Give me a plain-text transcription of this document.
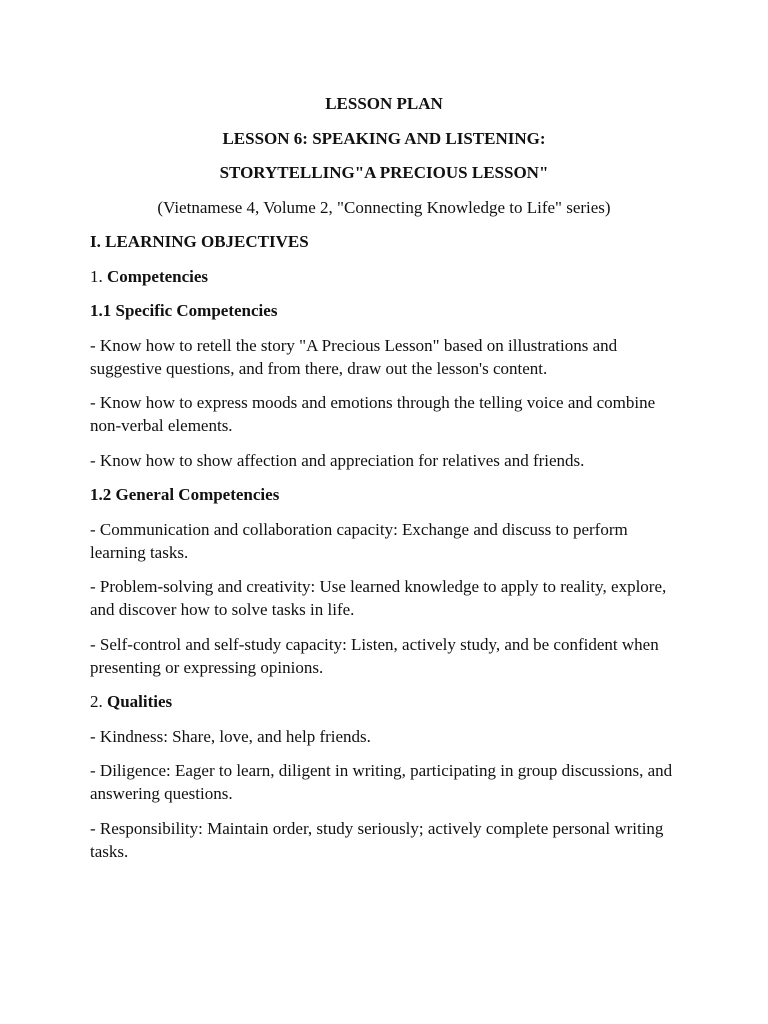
LESSON PLAN

LESSON 6: SPEAKING AND LISTENING:

STORYTELLING"A PRECIOUS LESSON"

(Vietnamese 4, Volume 2, "Connecting Knowledge to Life" series)

I. LEARNING OBJECTIVES

1. Competencies

1.1 Specific Competencies

- Know how to retell the story "A Precious Lesson" based on illustrations and suggestive questions, and from there, draw out the lesson's content.

- Know how to express moods and emotions through the telling voice and combine non-verbal elements.

- Know how to show affection and appreciation for relatives and friends.

1.2 General Competencies

- Communication and collaboration capacity: Exchange and discuss to perform learning tasks.

- Problem-solving and creativity: Use learned knowledge to apply to reality, explore, and discover how to solve tasks in life.

- Self-control and self-study capacity: Listen, actively study, and be confident when presenting or expressing opinions.

2. Qualities

- Kindness: Share, love, and help friends.

- Diligence: Eager to learn, diligent in writing, participating in group discussions, and answering questions.

- Responsibility: Maintain order, study seriously; actively complete personal writing tasks.
